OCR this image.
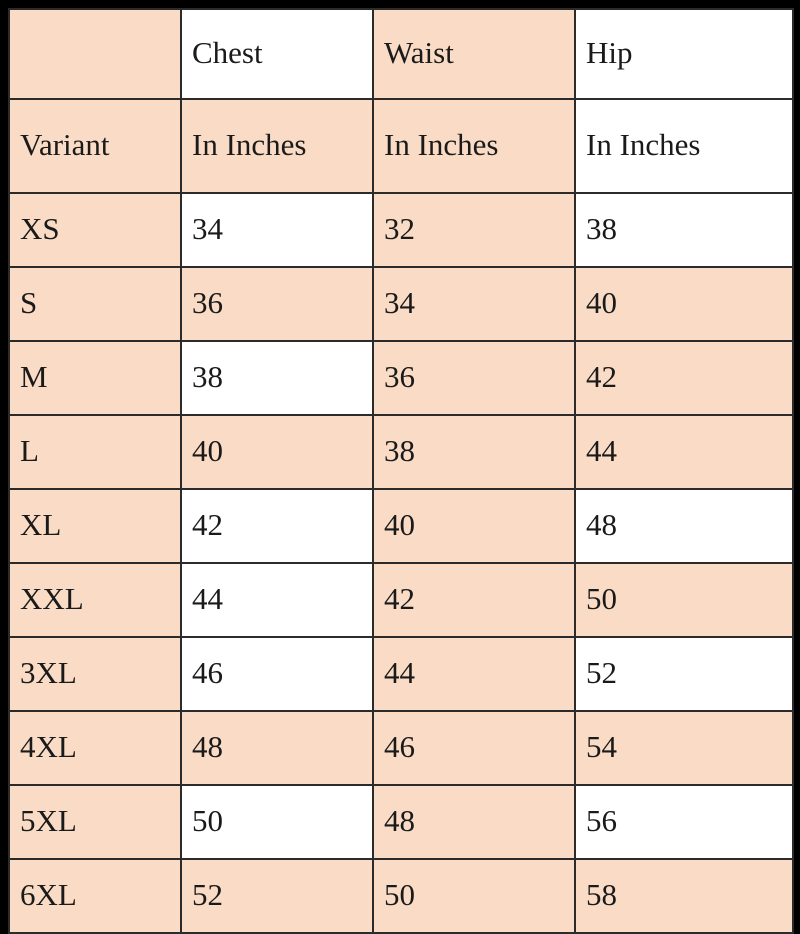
	Chest	Waist	Hip

Variant	In Inches	In Inches	In Inches

XS	34	32	38

S	36	34	40

M	38	36	42

L	40	38	44

XL	42	40	48

XXL	44	42	50

3XL	46	44	52

4XL	48	46	54

5XL	50	48	56

6XL	52	50	58
